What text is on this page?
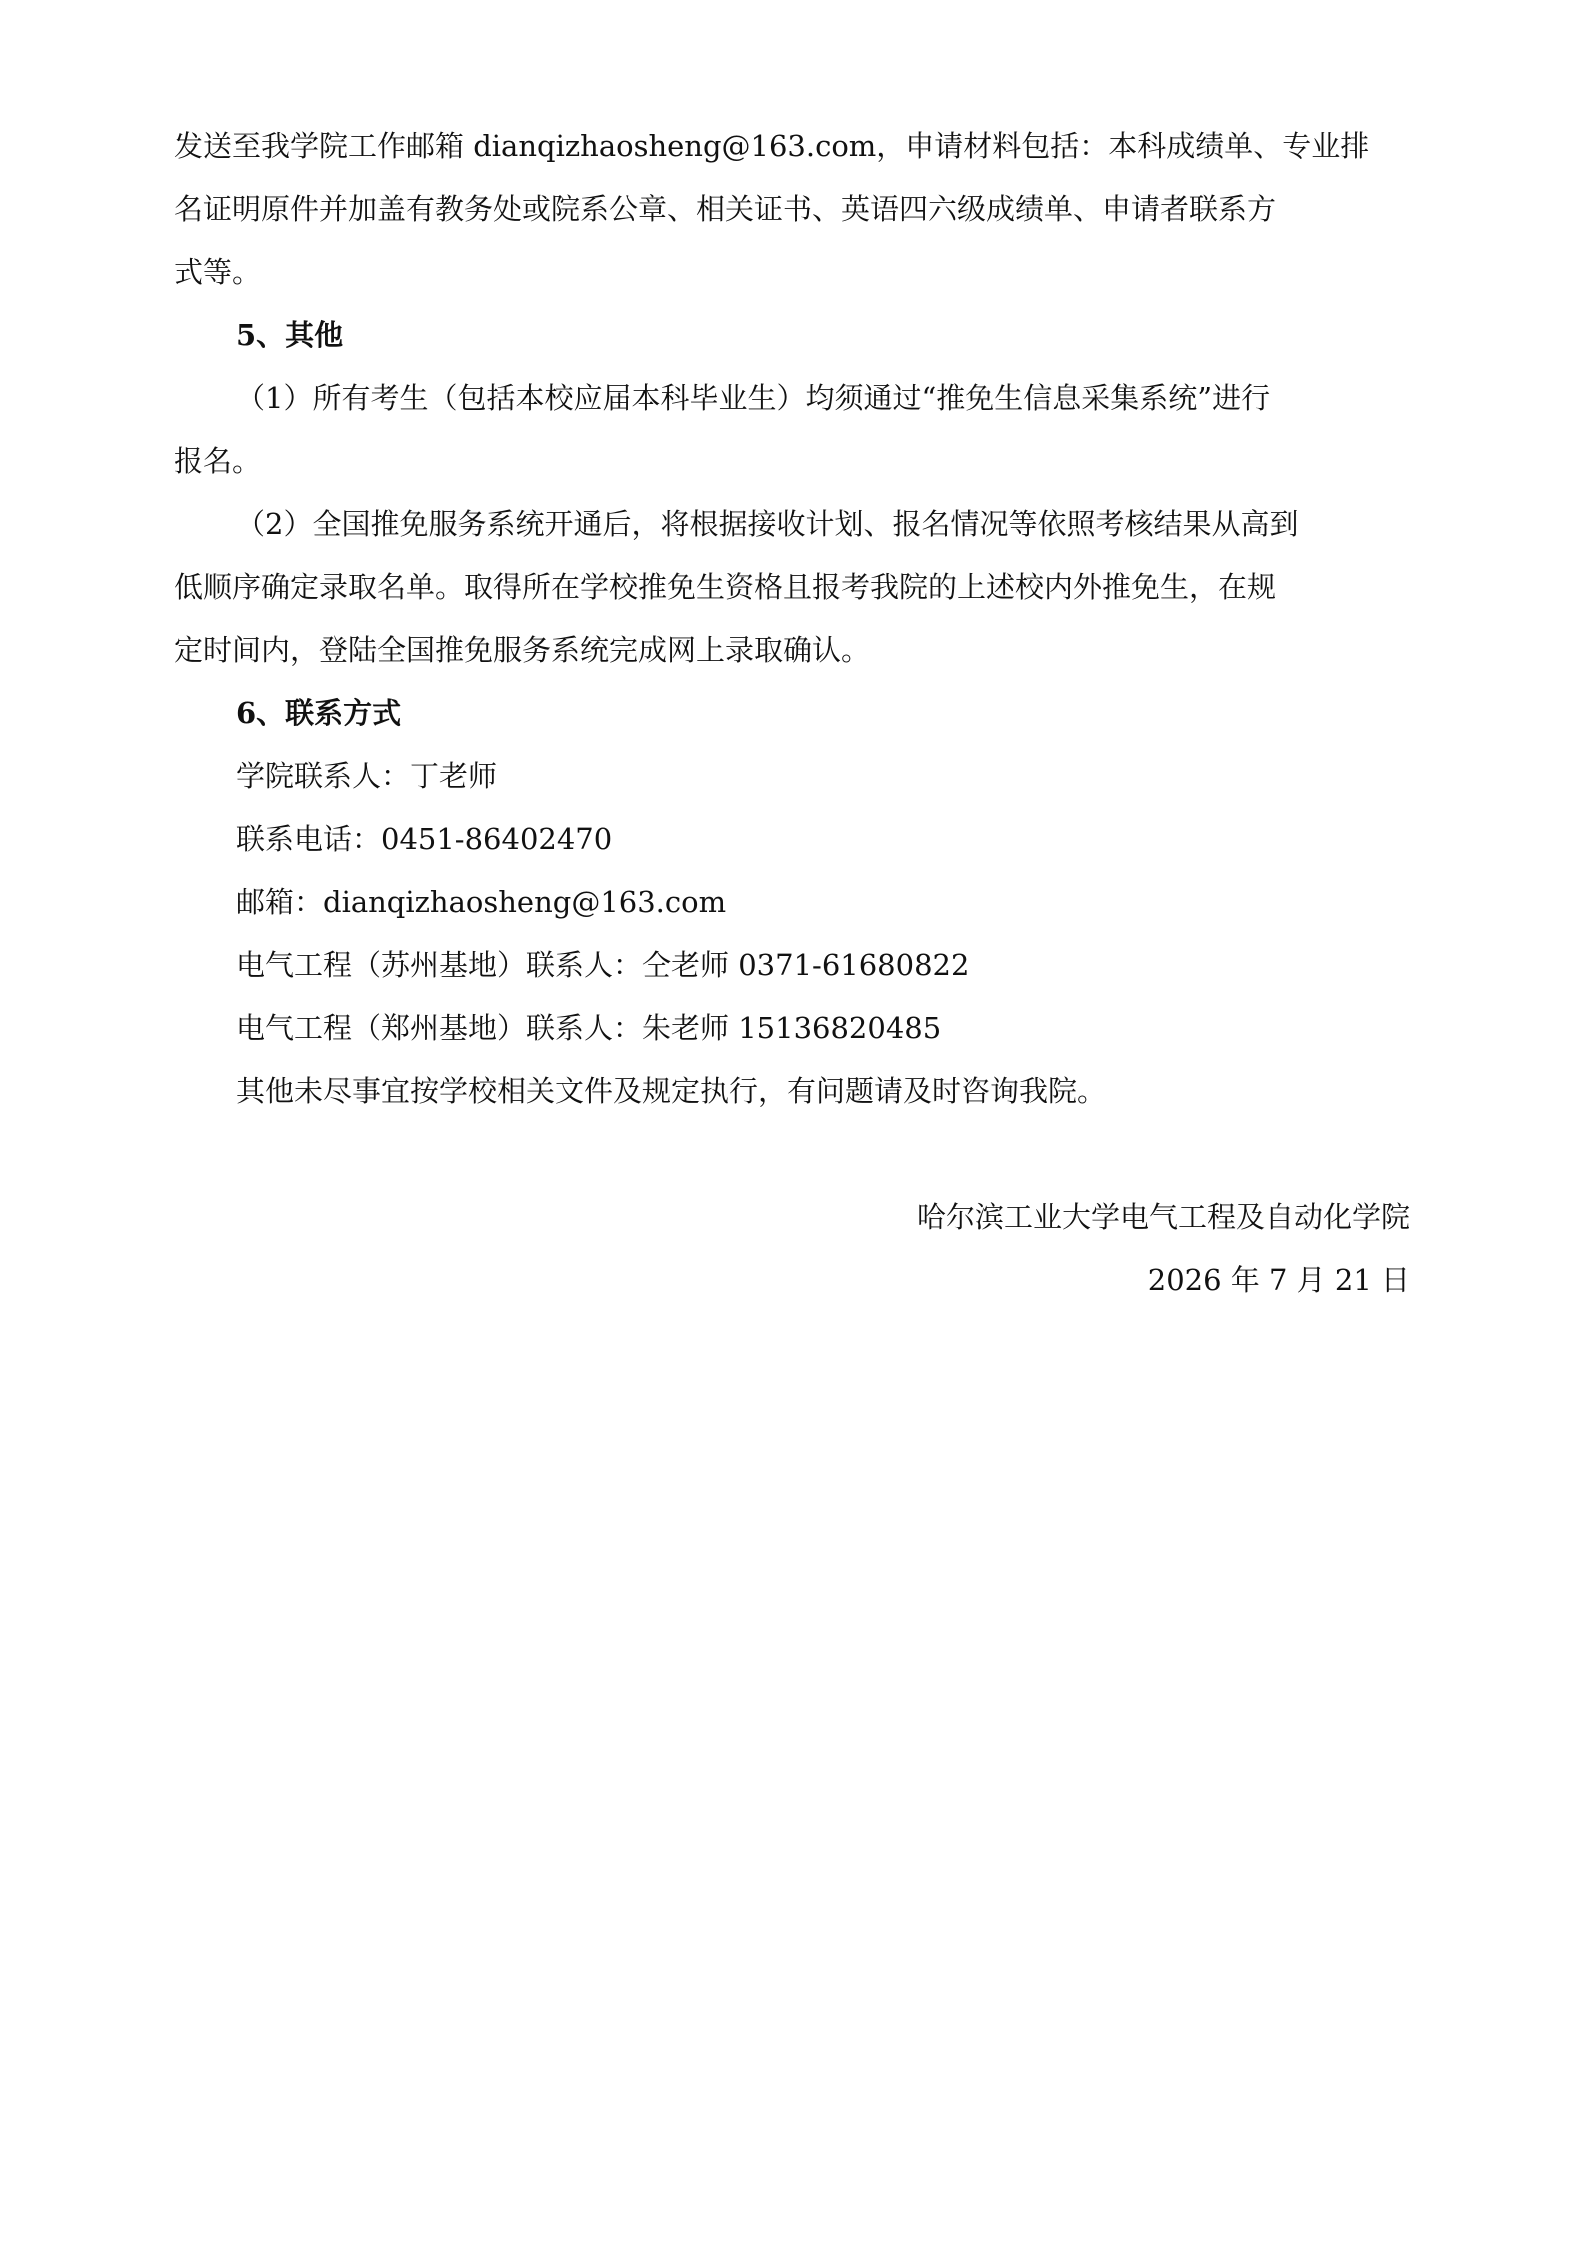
发送至我学院工作邮箱 dianqizhaosheng@163.com，申请材料包括：本科成绩单、专业排
名证明原件并加盖有教务处或院系公章、相关证书、英语四六级成绩单、申请者联系方
式等。
5、其他
（1）所有考生（包括本校应届本科毕业生）均须通过“推免生信息采集系统”进行
报名。
（2）全国推免服务系统开通后，将根据接收计划、报名情况等依照考核结果从高到
低顺序确定录取名单。取得所在学校推免生资格且报考我院的上述校内外推免生，在规
定时间内，登陆全国推免服务系统完成网上录取确认。
6、联系方式
学院联系人：丁老师
联系电话：0451-86402470
邮箱：dianqizhaosheng@163.com
电气工程（苏州基地）联系人：仝老师 0371-61680822
电气工程（郑州基地）联系人：朱老师 15136820485
其他未尽事宜按学校相关文件及规定执行，有问题请及时咨询我院。
哈尔滨工业大学电气工程及自动化学院
2026 年 7 月 21 日
